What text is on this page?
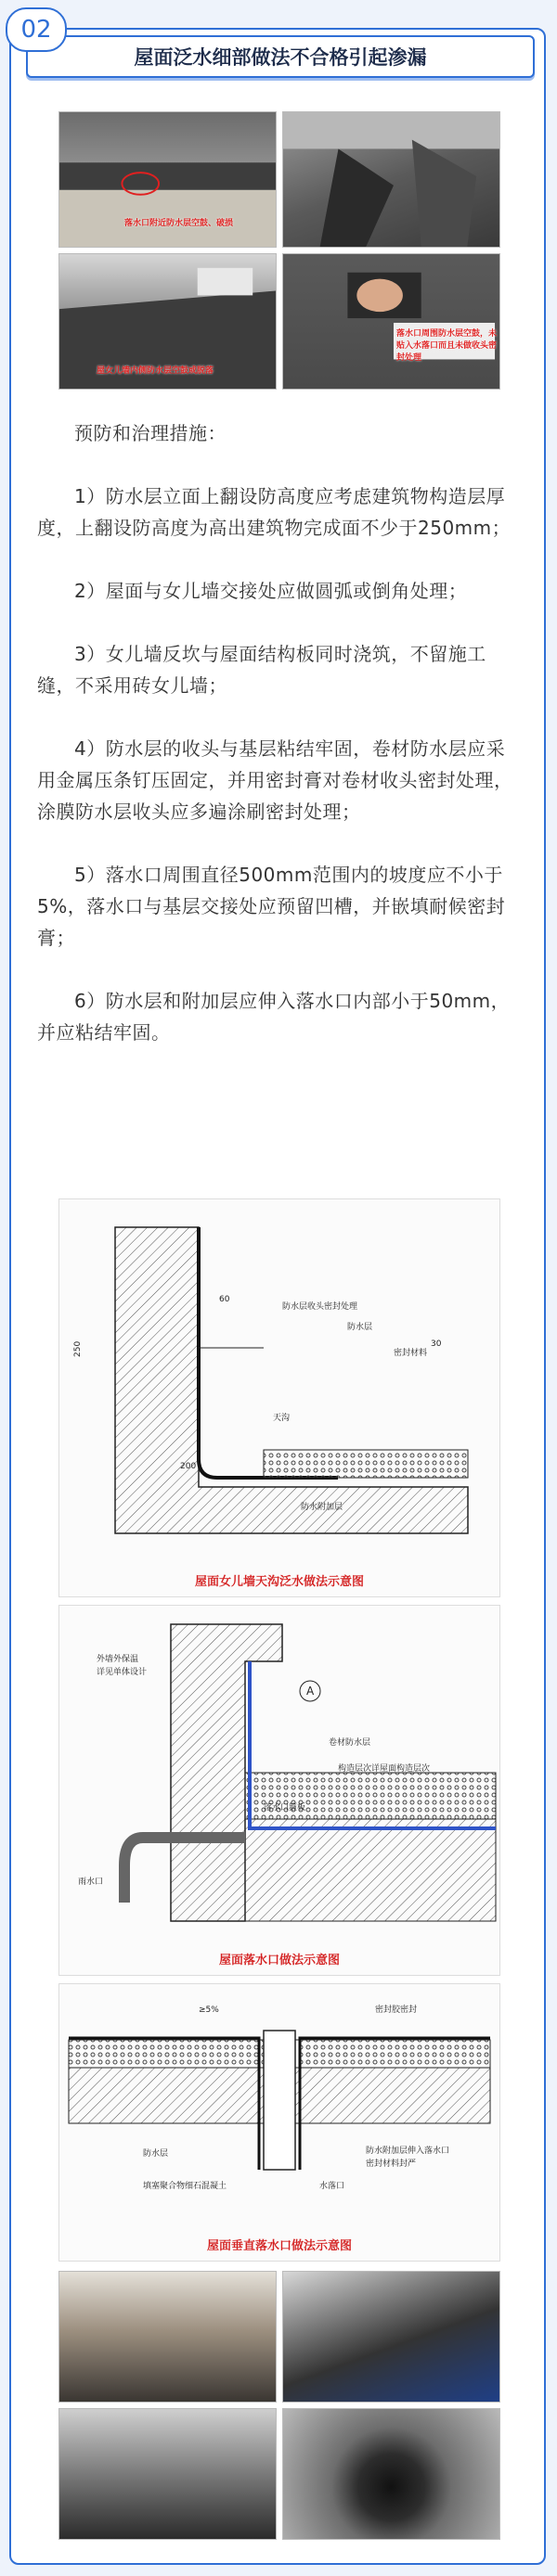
02
屋面泛水细部做法不合格引起渗漏
落水口附近防水层空鼓、破损
屋女儿墙内侧防水层空鼓或脱落
落水口周围防水层空鼓，未贴入水落口而且未做收头密封处理

预防和治理措施：

1）防水层立面上翻设防高度应考虑建筑物构造层厚度，上翻设防高度为高出建筑物完成面不少于250mm；

2）屋面与女儿墙交接处应做圆弧或倒角处理；

3）女儿墙反坎与屋面结构板同时浇筑，不留施工缝，不采用砖女儿墙；

4）防水层的收头与基层粘结牢固，卷材防水层应采用金属压条钉压固定，并用密封膏对卷材收头密封处理，涂膜防水层收头应多遍涂刷密封处理；

5）落水口周围直径500mm范围内的坡度应不小于5%，落水口与基层交接处应预留凹槽，并嵌填耐候密封膏；

6）防水层和附加层应伸入落水口内部小于50mm，并应粘结牢固。

防水层收头密封处理
防水层
密封材料
天沟
防水附加层
250
60
30
200
屋面女儿墙天沟泛水做法示意图
A
外墙外保温
详见单体设计
卷材防水层
构造层次详屋面构造层次
落水口箍板
雨水口
屋面落水口做法示意图
≥5%	密封胶密封
防水层	防水附加层伸入落水口
密封材料封严
填塞聚合物细石混凝土	水落口
屋面垂直落水口做法示意图
